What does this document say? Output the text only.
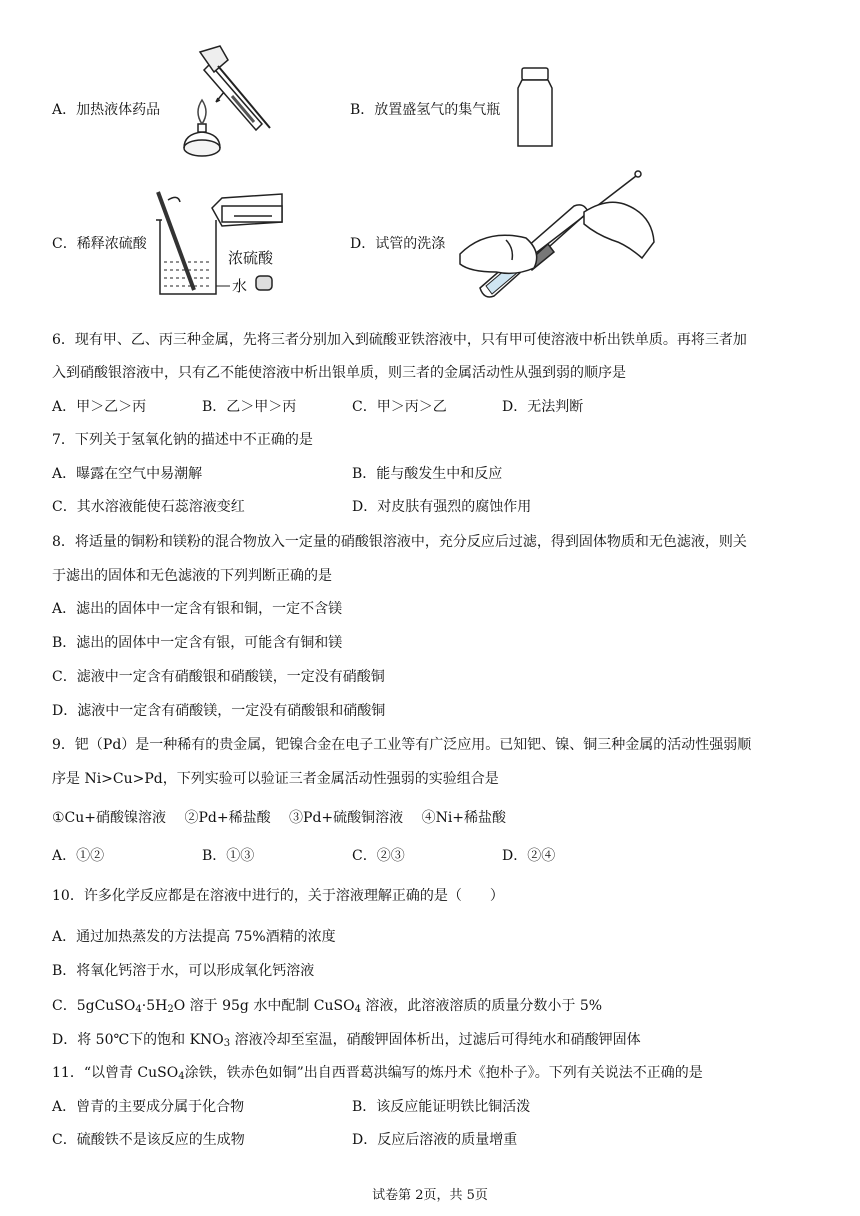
A．加热液体药品	B．放置盛氢气的集气瓶
C．稀释浓硫酸
浓硫酸
水
D．试管的洗涤
6．现有甲、乙、丙三种金属，先将三者分别加入到硫酸亚铁溶液中，只有甲可使溶液中析出铁单质。再将三者加
入到硝酸银溶液中，只有乙不能使溶液中析出银单质，则三者的金属活动性从强到弱的顺序是
A．甲＞乙＞丙	B．乙＞甲＞丙	C．甲＞丙＞乙	D．无法判断
7．下列关于氢氧化钠的描述中不正确的是
A．曝露在空气中易潮解	B．能与酸发生中和反应
C．其水溶液能使石蕊溶液变红	D．对皮肤有强烈的腐蚀作用
8．将适量的铜粉和镁粉的混合物放入一定量的硝酸银溶液中，充分反应后过滤，得到固体物质和无色滤液，则关
于滤出的固体和无色滤液的下列判断正确的是
A．滤出的固体中一定含有银和铜，一定不含镁
B．滤出的固体中一定含有银，可能含有铜和镁
C．滤液中一定含有硝酸银和硝酸镁，一定没有硝酸铜
D．滤液中一定含有硝酸镁，一定没有硝酸银和硝酸铜
9．钯（Pd）是一种稀有的贵金属，钯镍合金在电子工业等有广泛应用。已知钯、镍、铜三种金属的活动性强弱顺
序是 Ni>Cu>Pd，下列实验可以验证三者金属活动性强弱的实验组合是
①Cu+硝酸镍溶液 　②Pd+稀盐酸 　③Pd+硫酸铜溶液 　④Ni+稀盐酸
A．①②	B．①③	C．②③	D．②④
10．许多化学反应都是在溶液中进行的，关于溶液理解正确的是（　　）
A．通过加热蒸发的方法提高 75%酒精的浓度
B．将氧化钙溶于水，可以形成氧化钙溶液
C．$5gCuSO_4\cdot 5H_2O$ 溶于 95g 水中配制 CuSO$_4$ 溶液，此溶液溶质的质量分数小于 5%
D．将 50℃下的饱和 $KNO_3$ 溶液冷却至室温，硝酸钾固体析出，过滤后可得纯水和硝酸钾固体
11．“以曾青 CuSO$_4$涂铁，铁赤色如铜”出自西晋葛洪编写的炼丹术《抱朴子》。下列有关说法不正确的是
A．曾青的主要成分属于化合物	B．该反应能证明铁比铜活泼
C．硫酸铁不是该反应的生成物	D．反应后溶液的质量增重
试卷第 2页，共 5页
